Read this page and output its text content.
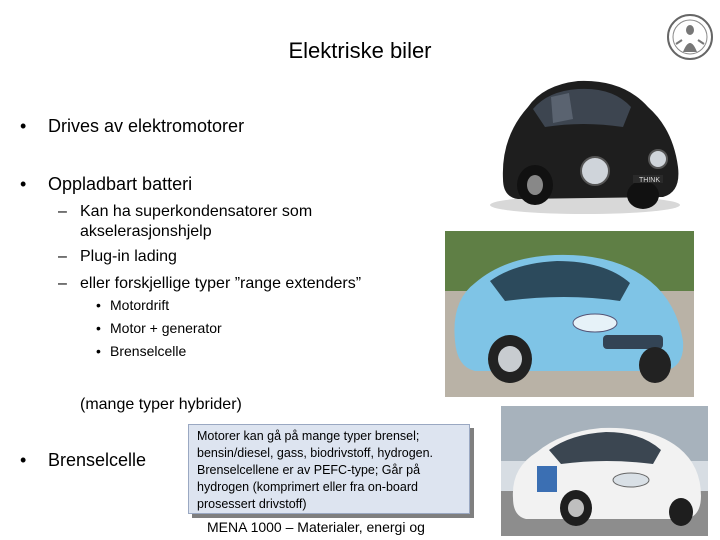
Elektriske biler
• Drives av elektromotorer
• Oppladbart batteri
– Kan ha superkondensatorer som
akselerasjonshjelp
– Plug-in lading
– eller forskjellige typer ”range extenders”
• Motordrift
• Motor + generator
• Brenselcelle
(mange typer hybrider)
• Brenselcelle
Motorer kan gå på mange typer brensel;
bensin/diesel, gass, biodrivstoff, hydrogen.
Brenselcellene er av PEFC-type; Går på
hydrogen (komprimert eller fra on-board
prosessert drivstoff)
MENA 1000 – Materialer, energi og
TH!NK
